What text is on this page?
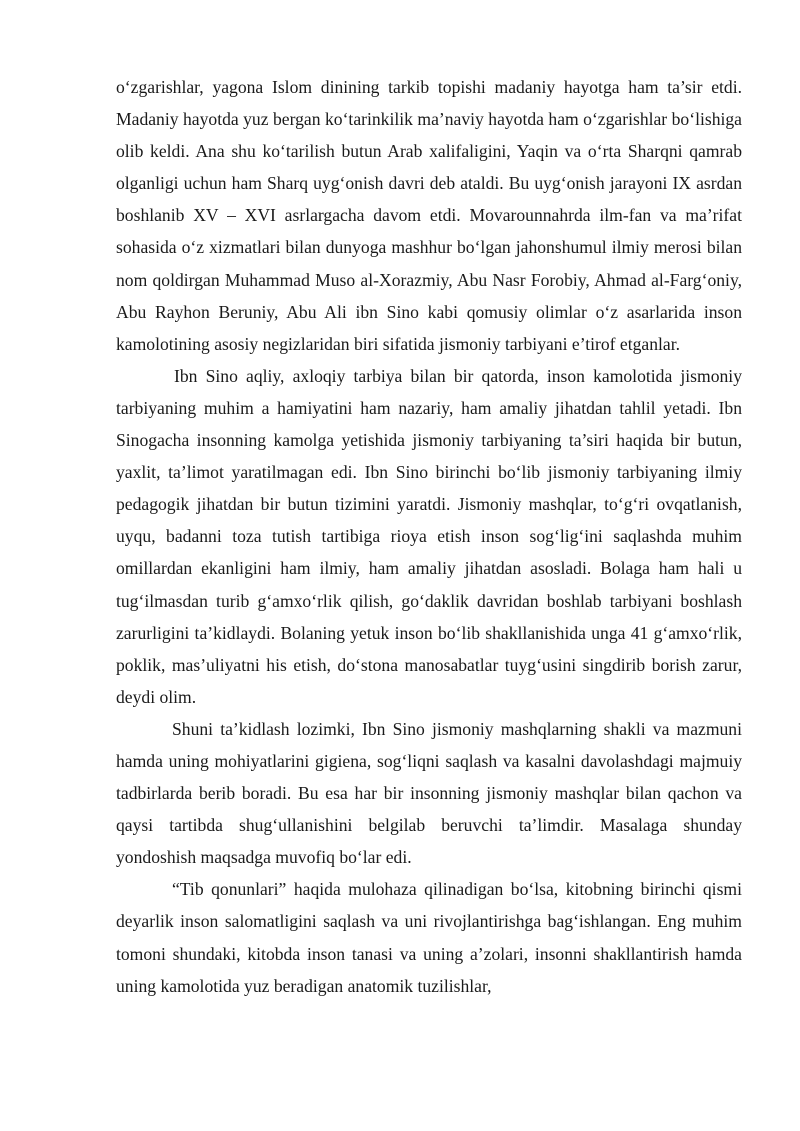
o‘zgarishlar, yagona Islom dinining tarkib topishi madaniy hayotga ham ta’sir etdi. Madaniy hayotda yuz bergan ko‘tarinkilik ma’naviy hayotda ham o‘zgarishlar bo‘lishiga olib keldi. Ana shu ko‘tarilish butun Arab xalifaligini, Yaqin va o‘rta Sharqni qamrab olganligi uchun ham Sharq uyg‘onish davri deb ataldi. Bu uyg‘onish jarayoni IX asrdan boshlanib XV – XVI asrlargacha davom etdi. Movarounnahrda ilm-fan va ma’rifat sohasida o‘z xizmatlari bilan dunyoga mashhur bo‘lgan jahonshumul ilmiy merosi bilan nom qoldirgan Muhammad Muso al-Xorazmiy, Abu Nasr Forobiy, Ahmad al-Farg‘oniy, Abu Rayhon Beruniy, Abu Ali ibn Sino kabi qomusiy olimlar o‘z asarlarida inson kamolotining asosiy negizlaridan biri sifatida jismoniy tarbiyani e’tirof etganlar.

Ibn Sino aqliy, axloqiy tarbiya bilan bir qatorda, inson kamolotida jismoniy tarbiyaning muhim a hamiyatini ham nazariy, ham amaliy jihatdan tahlil yetadi. Ibn Sinogacha insonning kamolga yetishida jismoniy tarbiyaning ta’siri haqida bir butun, yaxlit, ta’limot yaratilmagan edi. Ibn Sino birinchi bo‘lib jismoniy tarbiyaning ilmiy pedagogik jihatdan bir butun tizimini yaratdi. Jismoniy mashqlar, to‘g‘ri ovqatlanish, uyqu, badanni toza tutish tartibiga rioya etish inson sog‘lig‘ini saqlashda muhim omillardan ekanligini ham ilmiy, ham amaliy jihatdan asosladi. Bolaga ham hali u tug‘ilmasdan turib g‘amxo‘rlik qilish, go‘daklik davridan boshlab tarbiyani boshlash zarurligini ta’kidlaydi. Bolaning yetuk inson bo‘lib shakllanishida unga 41 g‘amxo‘rlik, poklik, mas’uliyatni his etish, do‘stona manosabatlar tuyg‘usini singdirib borish zarur, deydi olim.

Shuni ta’kidlash lozimki, Ibn Sino jismoniy mashqlarning shakli va mazmuni hamda uning mohiyatlarini gigiena, sog‘liqni saqlash va kasalni davolashdagi majmuiy tadbirlarda berib boradi. Bu esa har bir insonning jismoniy mashqlar bilan qachon va qaysi tartibda shug‘ullanishini belgilab beruvchi ta’limdir. Masalaga shunday yondoshish maqsadga muvofiq bo‘lar edi.

“Tib qonunlari” haqida mulohaza qilinadigan bo‘lsa, kitobning birinchi qismi deyarlik inson salomatligini saqlash va uni rivojlantirishga bag‘ishlangan. Eng muhim tomoni shundaki, kitobda inson tanasi va uning a’zolari, insonni shakllantirish hamda uning kamolotida yuz beradigan anatomik tuzilishlar,
